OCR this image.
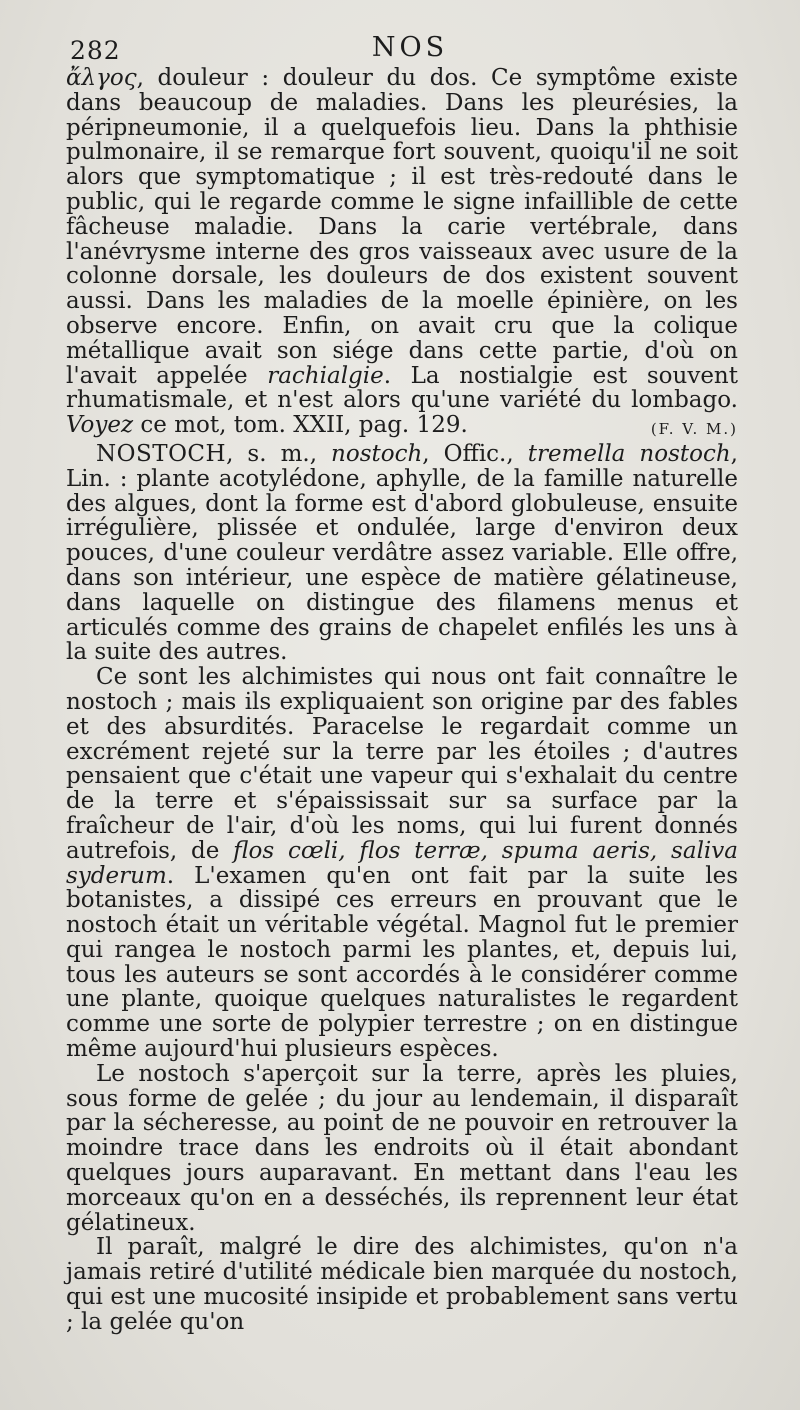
282	NOS

ἄλγος, douleur : douleur du dos. Ce symptôme existe dans beaucoup de maladies. Dans les pleurésies, la péripneumonie, il a quelquefois lieu. Dans la phthisie pulmonaire, il se remarque fort souvent, quoiqu'il ne soit alors que symptomatique ; il est très-redouté dans le public, qui le regarde comme le signe infaillible de cette fâcheuse maladie. Dans la carie vertébrale, dans l'anévrysme interne des gros vaisseaux avec usure de la colonne dorsale, les douleurs de dos existent souvent aussi. Dans les maladies de la moelle épinière, on les observe encore. Enfin, on avait cru que la colique métallique avait son siége dans cette partie, d'où on l'avait appelée rachialgie. La nostialgie est souvent rhumatismale, et n'est alors qu'une variété du lombago. Voyez ce mot, tom. XXII, pag. 129.	(F. V. M.)

NOSTOCH, s. m., nostoch, Offic., tremella nostoch, Lin. : plante acotylédone, aphylle, de la famille naturelle des algues, dont la forme est d'abord globuleuse, ensuite irrégulière, plissée et ondulée, large d'environ deux pouces, d'une couleur verdâtre assez variable. Elle offre, dans son intérieur, une espèce de matière gélatineuse, dans laquelle on distingue des filamens menus et articulés comme des grains de chapelet enfilés les uns à la suite des autres.

Ce sont les alchimistes qui nous ont fait connaître le nostoch ; mais ils expliquaient son origine par des fables et des absurdités. Paracelse le regardait comme un excrément rejeté sur la terre par les étoiles ; d'autres pensaient que c'était une vapeur qui s'exhalait du centre de la terre et s'épaississait sur sa surface par la fraîcheur de l'air, d'où les noms, qui lui furent donnés autrefois, de flos cœli, flos terræ, spuma aeris, saliva syderum. L'examen qu'en ont fait par la suite les botanistes, a dissipé ces erreurs en prouvant que le nostoch était un véritable végétal. Magnol fut le premier qui rangea le nostoch parmi les plantes, et, depuis lui, tous les auteurs se sont accordés à le considérer comme une plante, quoique quelques naturalistes le regardent comme une sorte de polypier terrestre ; on en distingue même aujourd'hui plusieurs espèces.

Le nostoch s'aperçoit sur la terre, après les pluies, sous forme de gelée ; du jour au lendemain, il disparaît par la sécheresse, au point de ne pouvoir en retrouver la moindre trace dans les endroits où il était abondant quelques jours auparavant. En mettant dans l'eau les morceaux qu'on en a desséchés, ils reprennent leur état gélatineux.

Il paraît, malgré le dire des alchimistes, qu'on n'a jamais retiré d'utilité médicale bien marquée du nostoch, qui est une mucosité insipide et probablement sans vertu ; la gelée qu'on
